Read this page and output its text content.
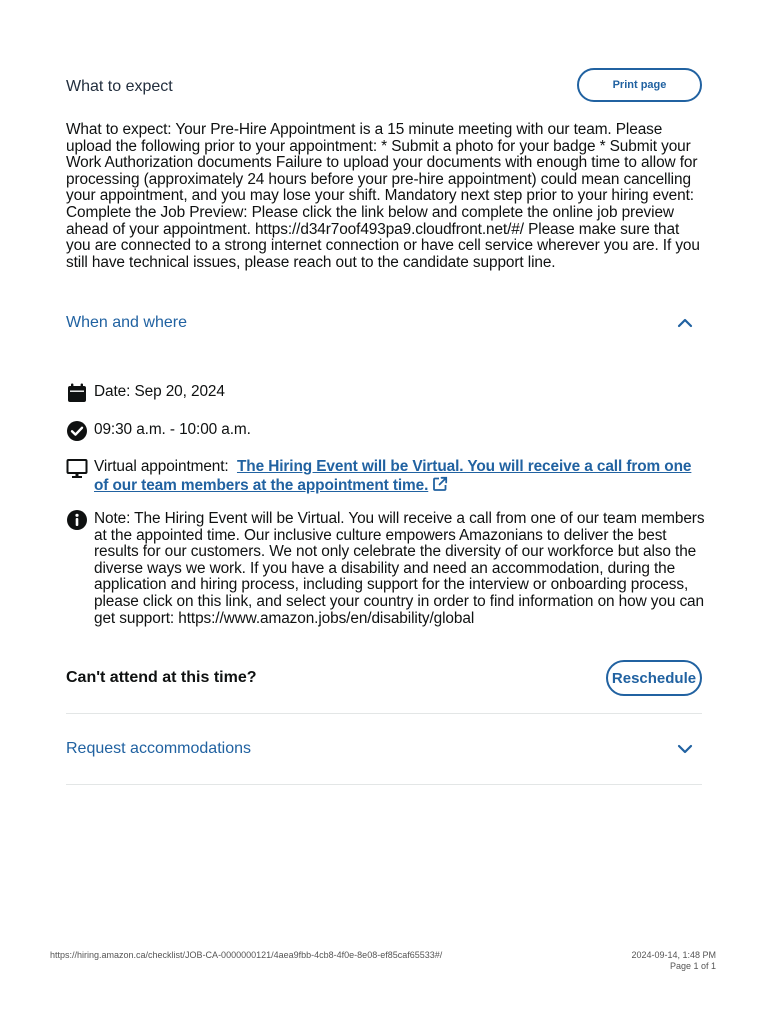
What to expect	Print page
What to expect: Your Pre-Hire Appointment is a 15 minute meeting with our team. Please upload the following prior to your appointment: * Submit a photo for your badge * Submit your Work Authorization documents Failure to upload your documents with enough time to allow for processing (approximately 24 hours before your pre-hire appointment) could mean cancelling your appointment, and you may lose your shift. Mandatory next step prior to your hiring event: Complete the Job Preview: Please click the link below and complete the online job preview ahead of your appointment. https://d34r7oof493pa9.cloudfront.net/#/ Please make sure that you are connected to a strong internet connection or have cell service wherever you are. If you still have technical issues, please reach out to the candidate support line.
When and where
Date: Sep 20, 2024
09:30 a.m. - 10:00 a.m.
Virtual appointment: The Hiring Event will be Virtual. You will receive a call from one of our team members at the appointment time.
Note: The Hiring Event will be Virtual. You will receive a call from one of our team members at the appointed time. Our inclusive culture empowers Amazonians to deliver the best results for our customers. We not only celebrate the diversity of our workforce but also the diverse ways we work. If you have a disability and need an accommodation, during the application and hiring process, including support for the interview or onboarding process, please click on this link, and select your country in order to find information on how you can get support: https://www.amazon.jobs/en/disability/global
Can't attend at this time?	Reschedule
Request accommodations
https://hiring.amazon.ca/checklist/JOB-CA-0000000121/4aea9fbb-4cb8-4f0e-8e08-ef85caf65533#/	2024-09-14, 1:48 PM
Page 1 of 1
